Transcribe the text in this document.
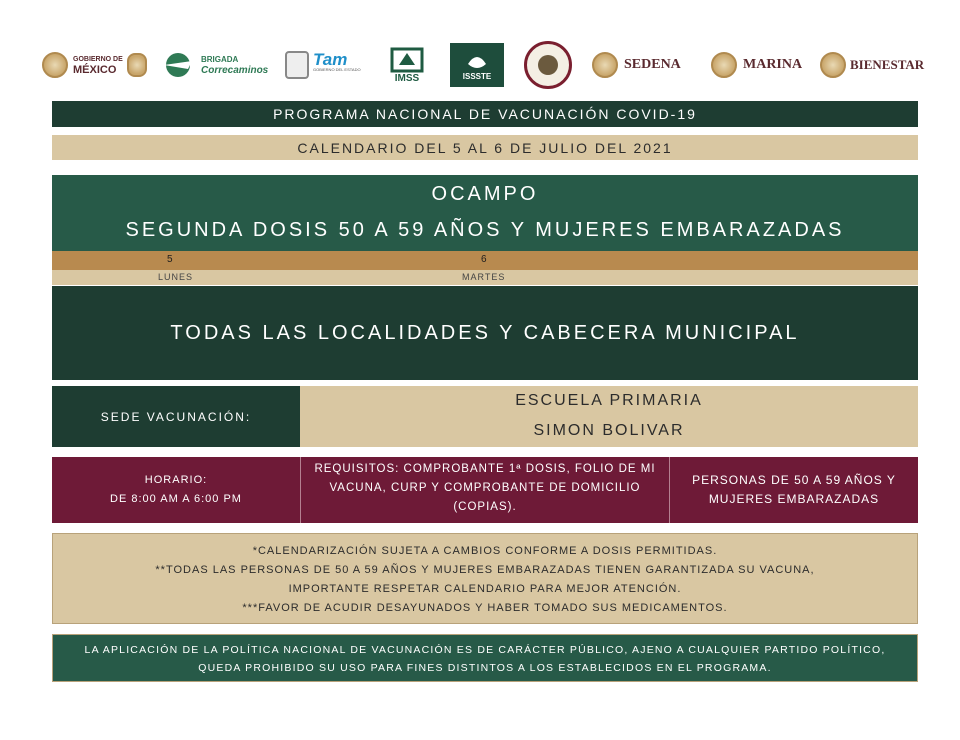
GOBIERNO DE
MÉXICO
BRIGADA
Correcaminos
Tam
GOBIERNO DEL ESTADO
IMSS	ISSSTE
SEDENA	MARINA	BIENESTAR
PROGRAMA NACIONAL DE VACUNACIÓN COVID-19
CALENDARIO DEL 5 AL 6 DE JULIO DEL 2021
OCAMPO
SEGUNDA DOSIS 50 A 59 AÑOS Y MUJERES EMBARAZADAS
5	6
LUNES	MARTES
TODAS LAS LOCALIDADES Y CABECERA MUNICIPAL
SEDE VACUNACIÓN:
ESCUELA PRIMARIA
SIMON BOLIVAR
HORARIO:
DE 8:00 AM A 6:00 PM
REQUISITOS: COMPROBANTE 1ª DOSIS, FOLIO DE MI VACUNA, CURP Y COMPROBANTE DE DOMICILIO (COPIAS).
PERSONAS DE 50 A 59 AÑOS Y MUJERES EMBARAZADAS
*CALENDARIZACIÓN SUJETA A CAMBIOS CONFORME A DOSIS PERMITIDAS.
**TODAS LAS PERSONAS DE 50 A 59 AÑOS Y MUJERES EMBARAZADAS TIENEN GARANTIZADA SU VACUNA,
IMPORTANTE RESPETAR CALENDARIO PARA MEJOR ATENCIÓN.
***FAVOR DE ACUDIR DESAYUNADOS Y HABER TOMADO SUS MEDICAMENTOS.
LA APLICACIÓN DE LA POLÍTICA NACIONAL DE VACUNACIÓN ES DE CARÁCTER PÚBLICO, AJENO A CUALQUIER PARTIDO POLÍTICO,
QUEDA PROHIBIDO SU USO PARA FINES DISTINTOS A LOS ESTABLECIDOS EN EL PROGRAMA.
